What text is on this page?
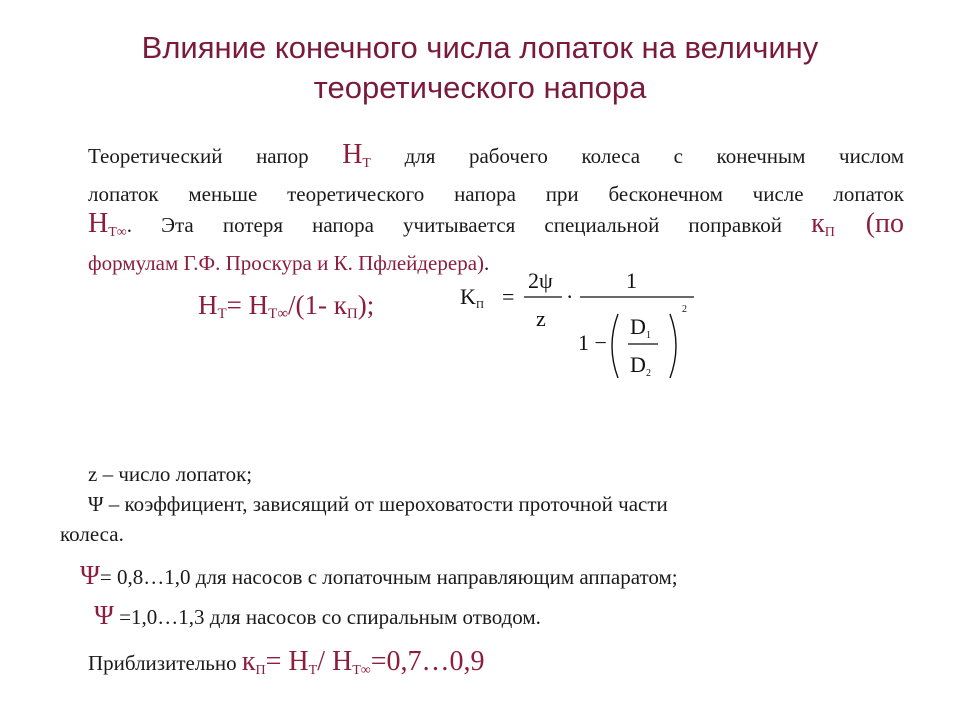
Влияние конечного числа лопаток на величину
теоретического напора
Теоретический напор $H_T$ для рабочего колеса с конечным числом
лопаток меньше теоретического напора при бесконечном числе лопаток
$H_{T\infty}$. Эта потеря напора учитывается специальной поправкой $к_П$ (по
формулам Г.Ф. Проскура и К. Пфлейдерера).
$H_T= H_{T\infty}/(1-$ $к_П$);	K П =
2ψ
z
·
1
1 −
D 1
D 2
2
z – число лопаток;
Ψ – коэффициент, зависящий от шероховатости проточной части
колеса.
Ψ= 0,8…1,0 для насосов с лопаточным направляющим аппаратом;
Ψ =1,0…1,3 для насосов со спиральным отводом.
Приблизительно $к_П= H_T/$ $H_{T\infty}=0,7\dots 0,9$
